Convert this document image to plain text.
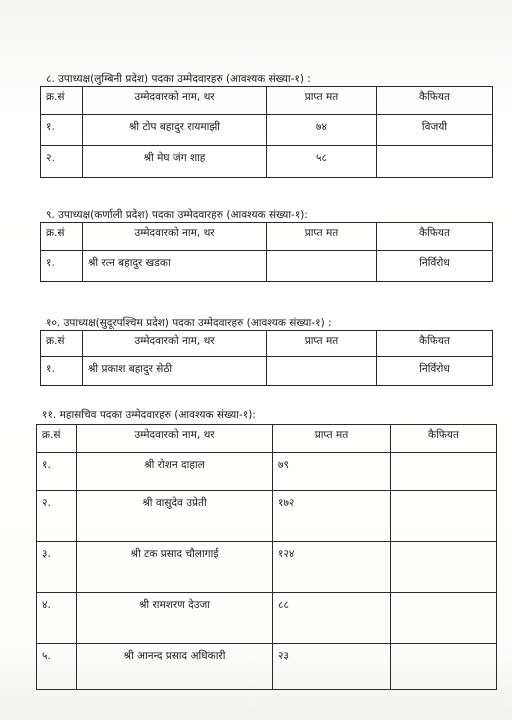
८. उपाध्यक्ष(लुम्बिनी प्रदेश) पदका उम्मेदवारहरु (आवश्यक संख्या-१) :
क्र.सं	उम्मेदवारको नाम, थर	प्राप्त मत	कैफियत
१.	श्री टोप बहादुर रायमाझी	७४	विजयी
२.	श्री मेघ जंग शाह	५८	
९. उपाध्यक्ष(कर्णाली प्रदेश) पदका उम्मेदवारहरु (आवश्यक संख्या-१):
क्र.सं	उम्मेदवारको नाम, थर	प्राप्त मत	कैफियत
१.	श्री रत्न बहादुर खडका		निर्विरोध
१०. उपाध्यक्ष(सुदूरपश्चिम प्रदेश) पदका उम्मेदवारहरु (आवश्यक संख्या-१) :
क्र.सं	उम्मेदवारको नाम, थर	प्राप्त मत	कैफियत
१.	श्री प्रकाश बहादुर सेठी		निर्विरोध
११. महासचिव पदका उम्मेदवारहरु (आवश्यक संख्या-१):
क्र.सं	उम्मेदवारको नाम, थर	प्राप्त मत	कैफियत
१.	श्री रोशन दाहाल	७९	
२.	श्री वासुदेव उप्रेती	१७२	
३.	श्री टक प्रसाद चौलागाई	१२४	
४.	श्री रामशरण देउजा	८८	
५.	श्री आनन्द प्रसाद अधिकारी	२३	
